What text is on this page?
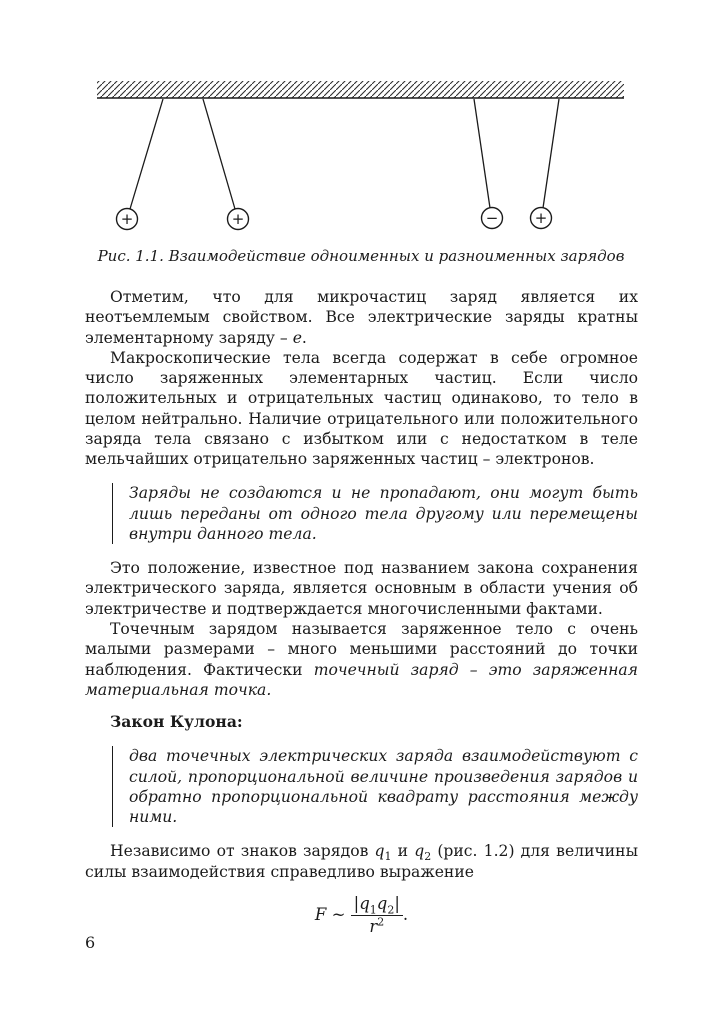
+	+	− +
Рис. 1.1. Взаимодействие одноименных и разноименных зарядов

Отметим, что для микрочастиц заряд является их неотъемлемым свойством. Все электрические заряды кратны элементарному заряду – e.

Макроскопические тела всегда содержат в себе огромное число заряженных элементарных частиц. Если число положительных и отрицательных частиц одинаково, то тело в целом нейтрально. Наличие отрицательного или положительного заряда тела связано с избытком или с недостатком в теле мельчайших отрицательно заряженных частиц – электронов.

Заряды не создаются и не пропадают, они могут быть лишь переданы от одного тела другому или перемещены внутри данного тела.

Это положение, известное под названием закона сохранения электрического заряда, является основным в области учения об электричестве и подтверждается многочисленными фактами.

Точечным зарядом называется заряженное тело с очень малыми размерами – много меньшими расстояний до точки наблюдения. Фактически точечный заряд – это заряженная материальная точка.

Закон Кулона:

два точечных электрических заряда взаимодействуют с силой, пропорциональной величине произведения зарядов и обратно пропорциональной квадрату расстояния между ними.

Независимо от знаков зарядов $q_1$ и $q_2$ (рис. 1.2) для величины силы взаимодействия справедливо выражение

F ~ $\frac{|q_1q_2|}{r^2}$ .
6
